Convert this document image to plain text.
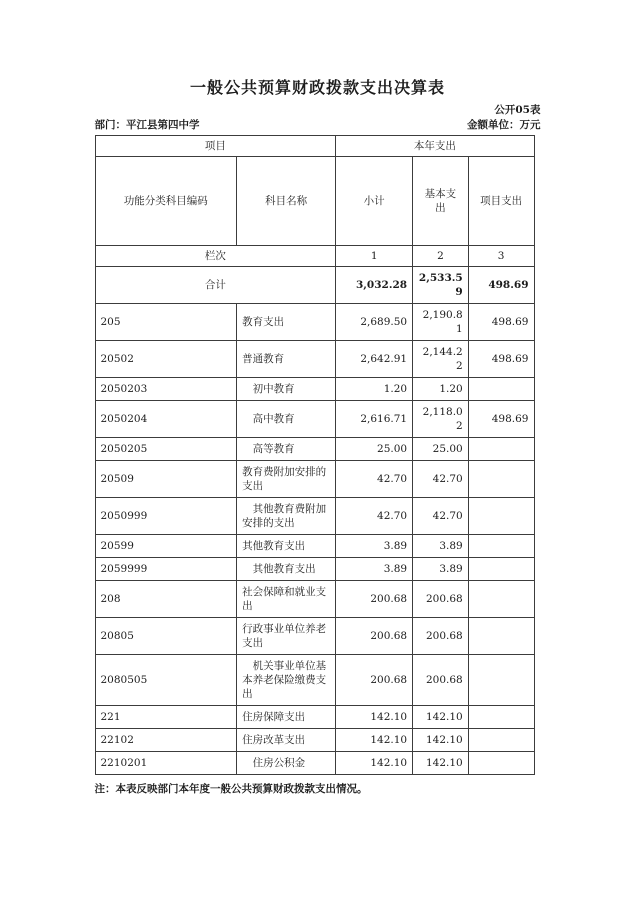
一般公共预算财政拨款支出决算表
公开05表
部门：平江县第四中学	金额单位：万元
项目		本年支出		
功能分类科目编码	科目名称	小计	基本支出	项目支出
栏次		1	2	3
合计		3,032.28	2,533.59	498.69
205	教育支出	2,689.50	2,190.81	498.69
20502	普通教育	2,642.91	2,144.22	498.69
2050203	初中教育	1.20	1.20	
2050204	高中教育	2,616.71	2,118.02	498.69
2050205	高等教育	25.00	25.00	
20509	教育费附加安排的支出	42.70	42.70	
2050999	其他教育费附加安排的支出	42.70	42.70	
20599	其他教育支出	3.89	3.89	
2059999	其他教育支出	3.89	3.89	
208	社会保障和就业支出	200.68	200.68	
20805	行政事业单位养老支出	200.68	200.68	
2080505	机关事业单位基本养老保险缴费支出	200.68	200.68	
221	住房保障支出	142.10	142.10	
22102	住房改革支出	142.10	142.10	
2210201	住房公积金	142.10	142.10	
注：本表反映部门本年度一般公共预算财政拨款支出情况。
